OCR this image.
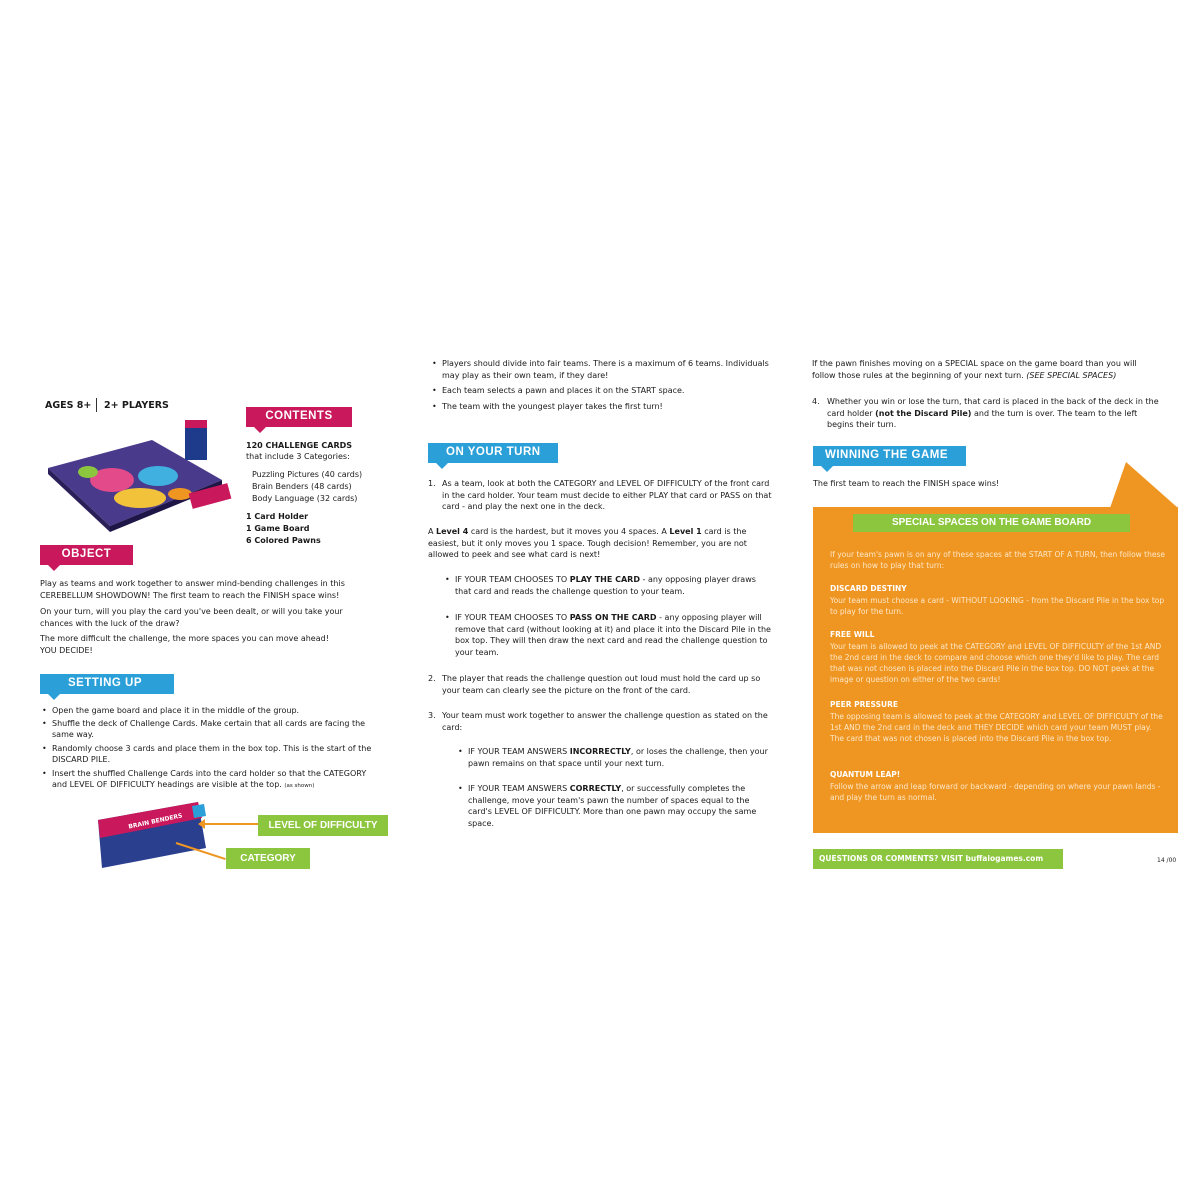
AGES 8+ 2+ PLAYERS
CONTENTS
120 CHALLENGE CARDS
that include 3 Categories:
Puzzling Pictures (40 cards)
Brain Benders (48 cards)
Body Language (32 cards)
1 Card Holder
1 Game Board
6 Colored Pawns
OBJECT
Play as teams and work together to answer mind-bending challenges in this CEREBELLUM SHOWDOWN! The first team to reach the FINISH space wins!
On your turn, will you play the card you've been dealt, or will you take your chances with the luck of the draw?
The more difficult the challenge, the more spaces you can move ahead!
YOU DECIDE!
SETTING UP
• Open the game board and place it in the middle of the group.
• Shuffle the deck of Challenge Cards. Make certain that all cards are facing the same way.
• Randomly choose 3 cards and place them in the box top. This is the start of the DISCARD PILE.
• Insert the shuffled Challenge Cards into the card holder so that the CATEGORY and LEVEL OF DIFFICULTY headings are visible at the top. (as shown)
BRAIN BENDERS	LEVEL OF DIFFICULTY
CATEGORY
• Players should divide into fair teams. There is a maximum of 6 teams. Individuals may play as their own team, if they dare!
• Each team selects a pawn and places it on the START space.
• The team with the youngest player takes the first turn!
ON YOUR TURN
1. As a team, look at both the CATEGORY and LEVEL OF DIFFICULTY of the front card in the card holder. Your team must decide to either PLAY that card or PASS on that card - and play the next one in the deck.
A Level 4 card is the hardest, but it moves you 4 spaces. A Level 1 card is the easiest, but it only moves you 1 space. Tough decision! Remember, you are not allowed to peek and see what card is next!
• IF YOUR TEAM CHOOSES TO PLAY THE CARD - any opposing player draws that card and reads the challenge question to your team.
• IF YOUR TEAM CHOOSES TO PASS ON THE CARD - any opposing player will remove that card (without looking at it) and place it into the Discard Pile in the box top. They will then draw the next card and read the challenge question to your team.
2. The player that reads the challenge question out loud must hold the card up so your team can clearly see the picture on the front of the card.
3. Your team must work together to answer the challenge question as stated on the card:
• IF YOUR TEAM ANSWERS INCORRECTLY, or loses the challenge, then your pawn remains on that space until your next turn.
• IF YOUR TEAM ANSWERS CORRECTLY, or successfully completes the challenge, move your team's pawn the number of spaces equal to the card's LEVEL OF DIFFICULTY. More than one pawn may occupy the same space.
If the pawn finishes moving on a SPECIAL space on the game board than you will follow those rules at the beginning of your next turn. (SEE SPECIAL SPACES)
4. Whether you win or lose the turn, that card is placed in the back of the deck in the card holder (not the Discard Pile) and the turn is over. The team to the left begins their turn.
WINNING THE GAME
The first team to reach the FINISH space wins!
SPECIAL SPACES ON THE GAME BOARD
If your team's pawn is on any of these spaces at the START OF A TURN, then follow these rules on how to play that turn:
DISCARD DESTINY
Your team must choose a card - WITHOUT LOOKING - from the Discard Pile in the box top to play for the turn.
FREE WILL
Your team is allowed to peek at the CATEGORY and LEVEL OF DIFFICULTY of the 1st AND the 2nd card in the deck to compare and choose which one they'd like to play. The card that was not chosen is placed into the Discard Pile in the box top. DO NOT peek at the image or question on either of the two cards!
PEER PRESSURE
The opposing team is allowed to peek at the CATEGORY and LEVEL OF DIFFICULTY of the 1st AND the 2nd card in the deck and THEY DECIDE which card your team MUST play. The card that was not chosen is placed into the Discard Pile in the box top.
QUANTUM LEAP!
Follow the arrow and leap forward or backward - depending on where your pawn lands - and play the turn as normal.
QUESTIONS OR COMMENTS? VISIT buffalogames.com	14 /00
